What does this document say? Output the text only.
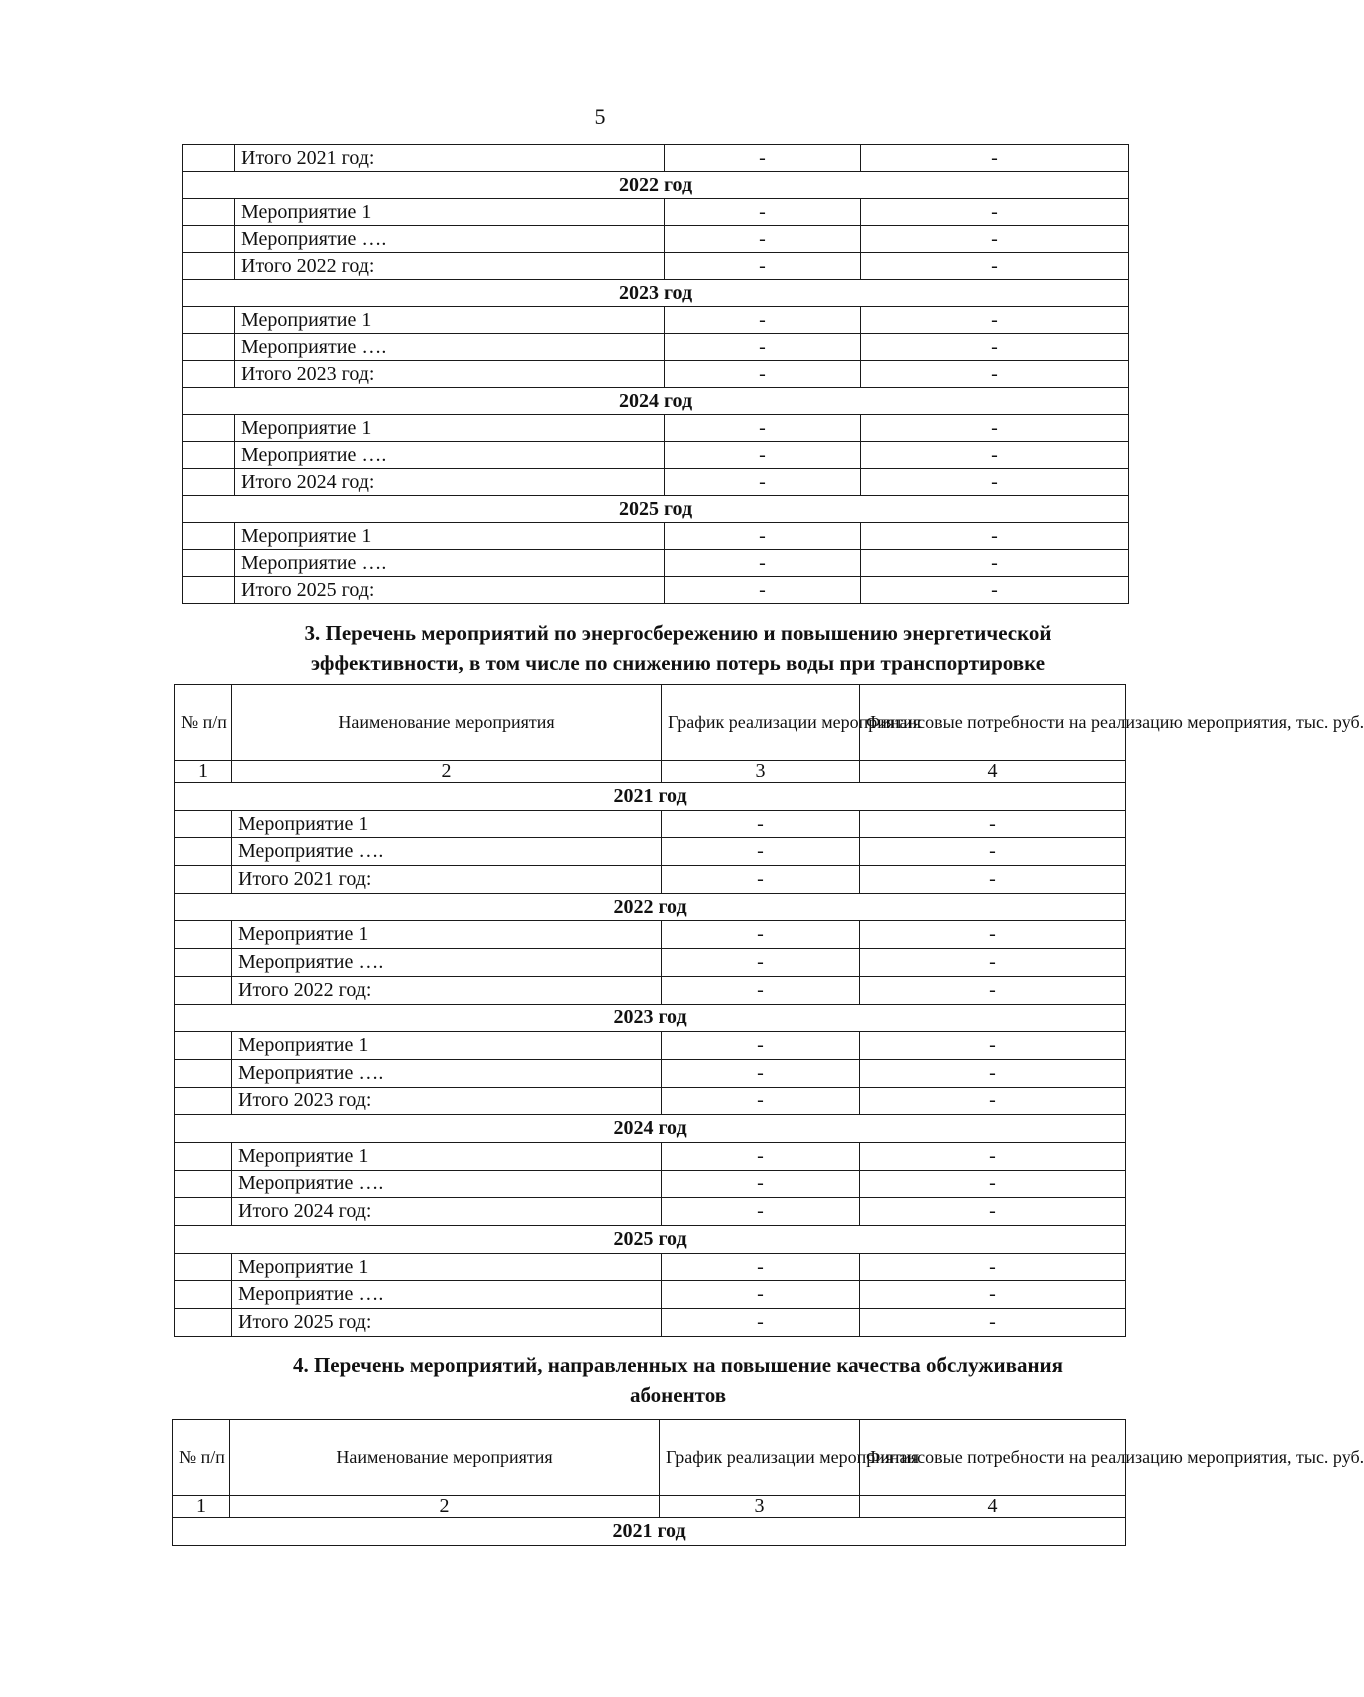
5
	Итого 2021 год:	-	-
2022 год			
	Мероприятие 1	-	-
	Мероприятие ….	-	-
	Итого 2022 год:	-	-
2023 год			
	Мероприятие 1	-	-
	Мероприятие ….	-	-
	Итого 2023 год:	-	-
2024 год			
	Мероприятие 1	-	-
	Мероприятие ….	-	-
	Итого 2024 год:	-	-
2025 год			
	Мероприятие 1	-	-
	Мероприятие ….	-	-
	Итого 2025 год:	-	-
3. Перечень мероприятий по энергосбережению и повышению энергетической
эффективности, в том числе по снижению потерь воды при транспортировке
№ п/п	Наименование мероприятия	График реализации мероприятия	Финансовые потребности на реализацию мероприятия, тыс. руб.
1	2	3	4
2021 год			
	Мероприятие 1	-	-
	Мероприятие ….	-	-
	Итого 2021 год:	-	-
2022 год			
	Мероприятие 1	-	-
	Мероприятие ….	-	-
	Итого 2022 год:	-	-
2023 год			
	Мероприятие 1	-	-
	Мероприятие ….	-	-
	Итого 2023 год:	-	-
2024 год			
	Мероприятие 1	-	-
	Мероприятие ….	-	-
	Итого 2024 год:	-	-
2025 год			
	Мероприятие 1	-	-
	Мероприятие ….	-	-
	Итого 2025 год:	-	-
4. Перечень мероприятий, направленных на повышение качества обслуживания
абонентов
№ п/п	Наименование мероприятия	График реализации мероприятия	Финансовые потребности на реализацию мероприятия, тыс. руб.
1	2	3	4
2021 год			
